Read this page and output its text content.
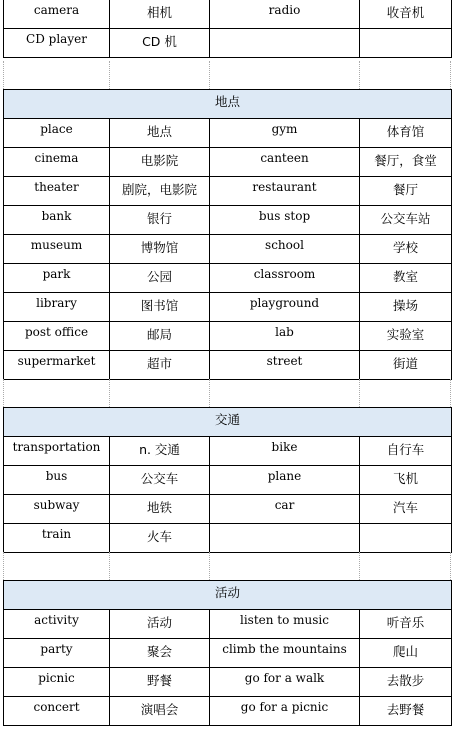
camera	相机	radio	收音机
CD player	CD 机		
地点			
place	地点	gym	体育馆
cinema	电影院	canteen	餐厅，食堂
theater	剧院，电影院	restaurant	餐厅
bank	银行	bus stop	公交车站
museum	博物馆	school	学校
park	公园	classroom	教室
library	图书馆	playground	操场
post office	邮局	lab	实验室
supermarket	超市	street	街道
交通			
transportation	n. 交通	bike	自行车
bus	公交车	plane	飞机
subway	地铁	car	汽车
train	火车		
活动			
activity	活动	listen to music	听音乐
party	聚会	climb the mountains	爬山
picnic	野餐	go for a walk	去散步
concert	演唱会	go for a picnic	去野餐
